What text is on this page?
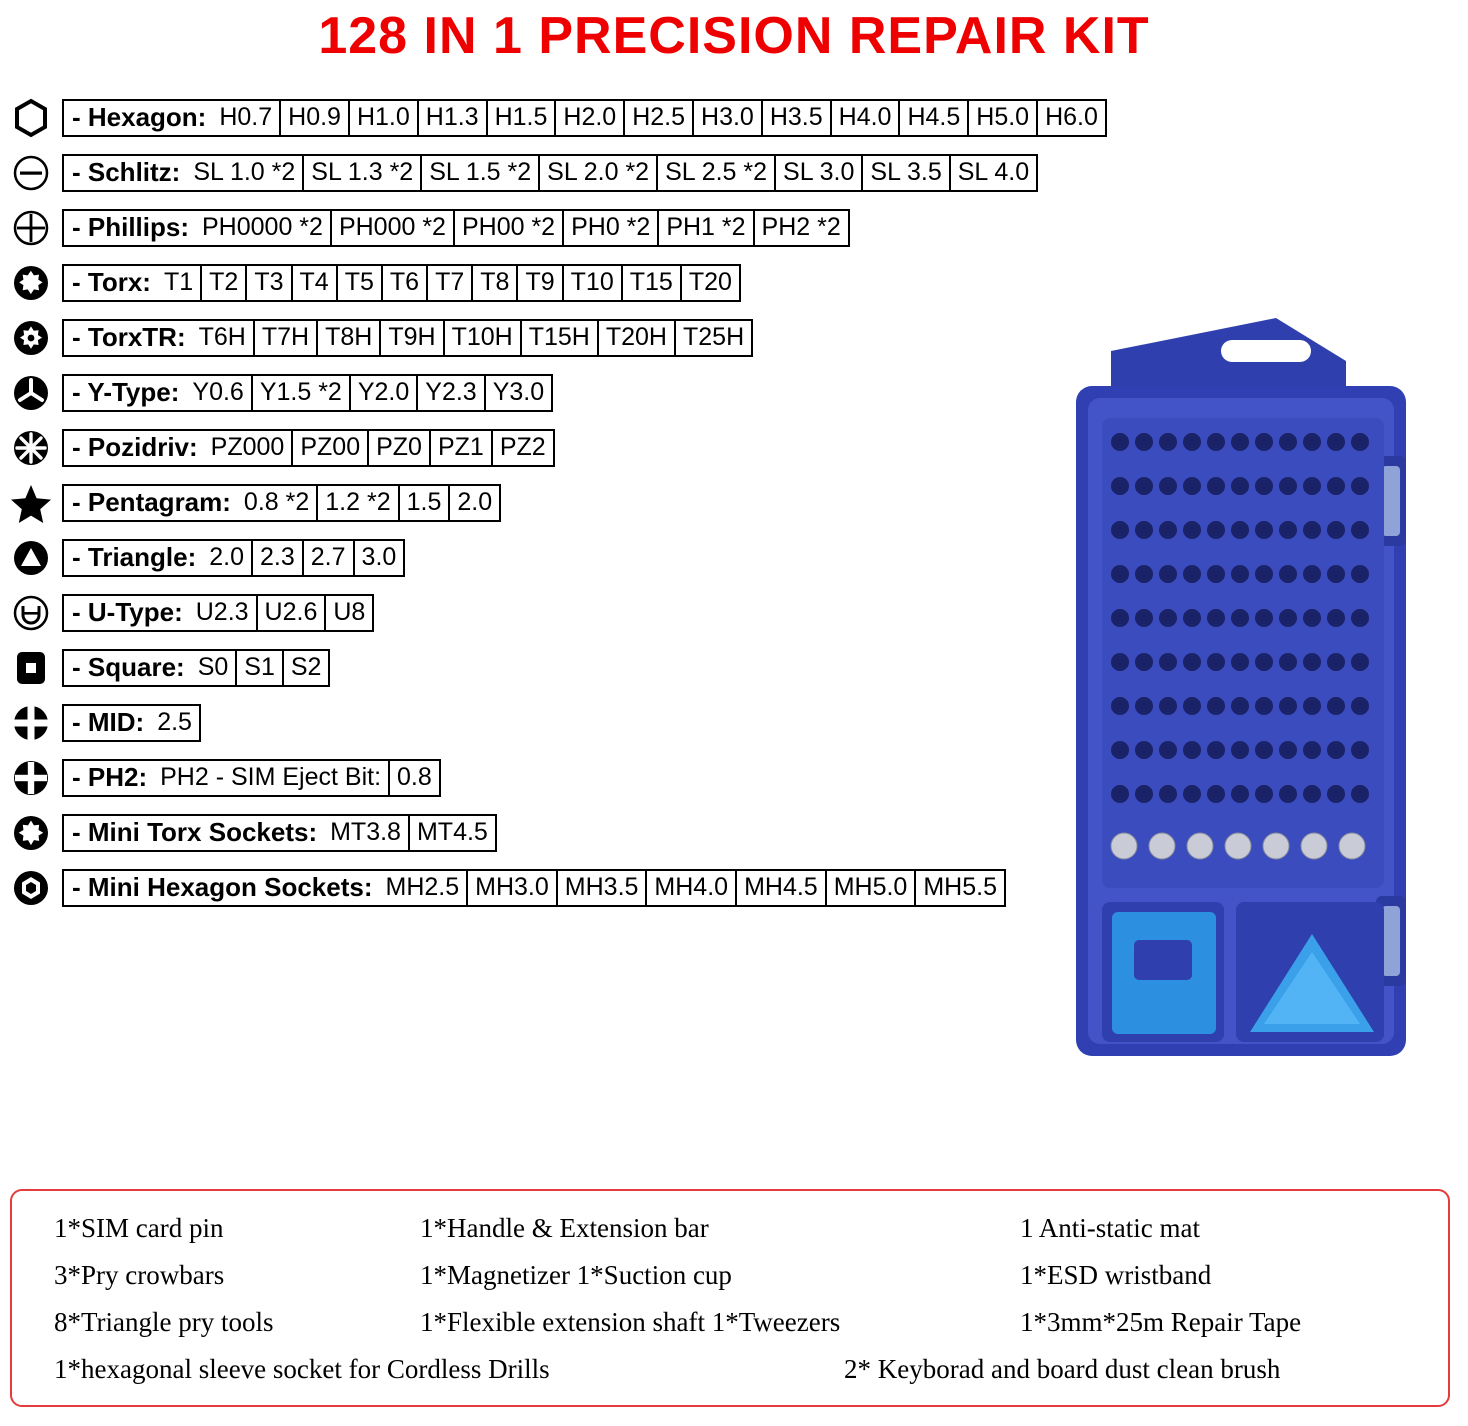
128 IN 1 PRECISION REPAIR KIT
- Hexagon: H0.7 H0.9 H1.0 H1.3 H1.5 H2.0 H2.5 H3.0 H3.5 H4.0 H4.5 H5.0 H6.0
- Schlitz: SL 1.0 *2 SL 1.3 *2 SL 1.5 *2 SL 2.0 *2 SL 2.5 *2 SL 3.0 SL 3.5 SL 4.0
- Phillips: PH0000 *2 PH000 *2 PH00 *2 PH0 *2 PH1 *2 PH2 *2
- Torx: T1 T2 T3 T4 T5 T6 T7 T8 T9 T10 T15 T20
- TorxTR: T6H T7H T8H T9H T10H T15H T20H T25H
- Y-Type: Y0.6 Y1.5 *2 Y2.0 Y2.3 Y3.0
- Pozidriv: PZ000 PZ00 PZ0 PZ1 PZ2
- Pentagram: 0.8 *2 1.2 *2 1.5 2.0
- Triangle: 2.0 2.3 2.7 3.0
- U-Type: U2.3 U2.6 U8
- Square: S0 S1 S2
- MID: 2.5
- PH2: PH2 - SIM Eject Bit: 0.8
- Mini Torx Sockets: MT3.8 MT4.5
- Mini Hexagon Sockets: MH2.5 MH3.0 MH3.5 MH4.0 MH4.5 MH5.0 MH5.5
1*SIM card pin	1*Handle & Extension bar	1 Anti-static mat
3*Pry crowbars	1*Magnetizer 1*Suction cup	1*ESD wristband
8*Triangle pry tools	1*Flexible extension shaft 1*Tweezers	1*3mm*25m Repair Tape
1*hexagonal sleeve socket for Cordless Drills	2* Keyborad and board dust clean brush
